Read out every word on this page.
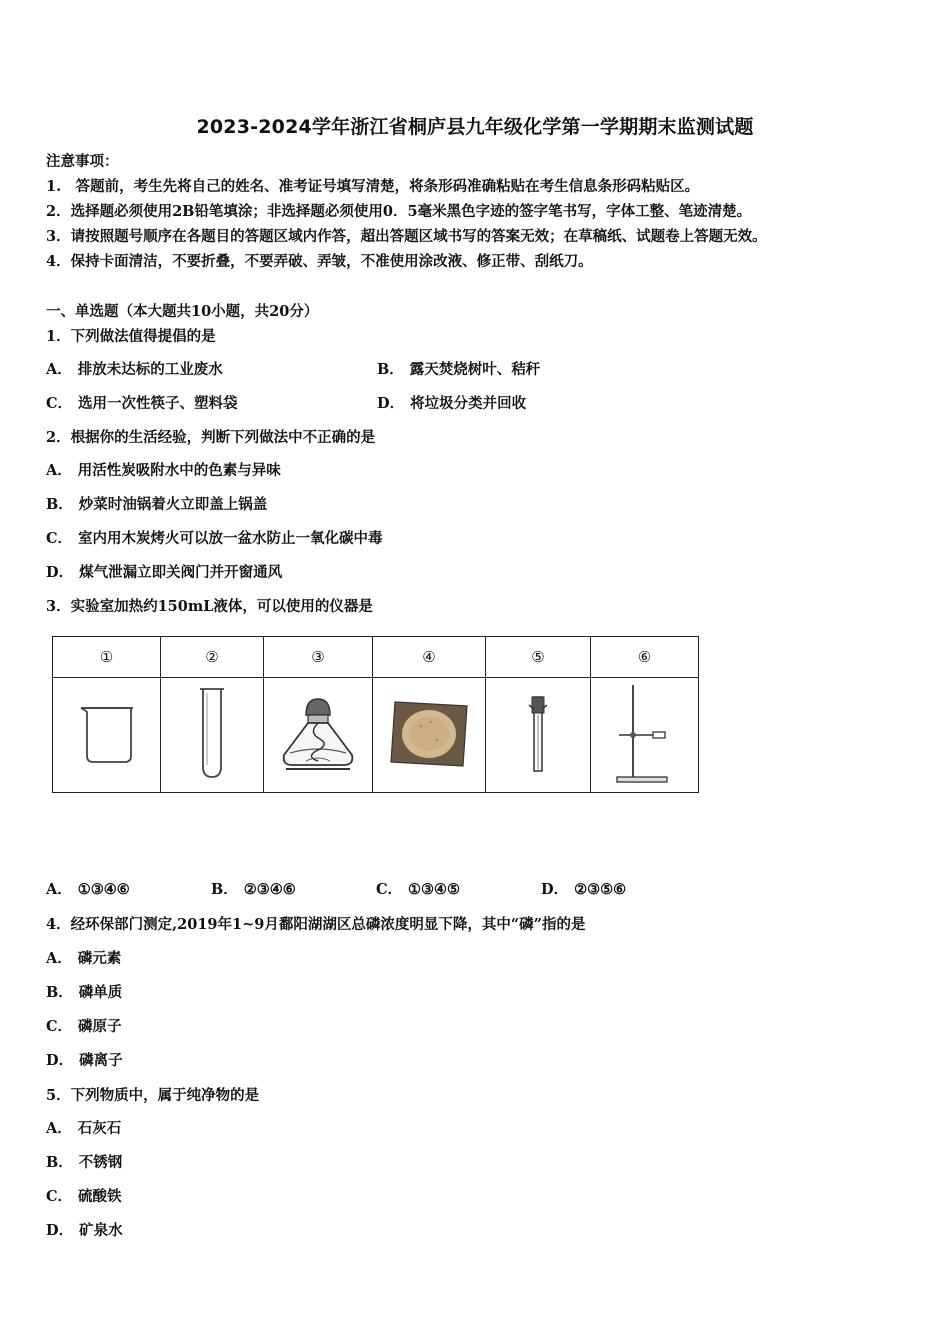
2023-2024学年浙江省桐庐县九年级化学第一学期期末监测试题
注意事项：
1.　答题前，考生先将自己的姓名、准考证号填写清楚，将条形码准确粘贴在考生信息条形码粘贴区。
2．选择题必须使用2B铅笔填涂；非选择题必须使用0．5毫米黑色字迹的签字笔书写，字体工整、笔迹清楚。
3．请按照题号顺序在各题目的答题区域内作答，超出答题区域书写的答案无效；在草稿纸、试题卷上答题无效。
4．保持卡面清洁，不要折叠，不要弄破、弄皱，不准使用涂改液、修正带、刮纸刀。
一、单选题（本大题共10小题，共20分）
1．下列做法值得提倡的是
A． 排放未达标的工业废水	B． 露天焚烧树叶、秸秆
C． 选用一次性筷子、塑料袋	D． 将垃圾分类并回收
2．根据你的生活经验，判断下列做法中不正确的是
A． 用活性炭吸附水中的色素与异味
B． 炒菜时油锅着火立即盖上锅盖
C． 室内用木炭烤火可以放一盆水防止一氧化碳中毒
D． 煤气泄漏立即关阀门并开窗通风
3．实验室加热约150mL液体，可以使用的仪器是
①	②	③	④	⑤	⑥

A． ①③④⑥	B． ②③④⑥	C． ①③④⑤	D． ②③⑤⑥
4．经环保部门测定,2019年1~9月鄱阳湖湖区总磷浓度明显下降，其中“磷”指的是
A． 磷元素
B． 磷单质
C． 磷原子
D． 磷离子
5．下列物质中，属于纯净物的是
A． 石灰石
B． 不锈钢
C． 硫酸铁
D． 矿泉水
